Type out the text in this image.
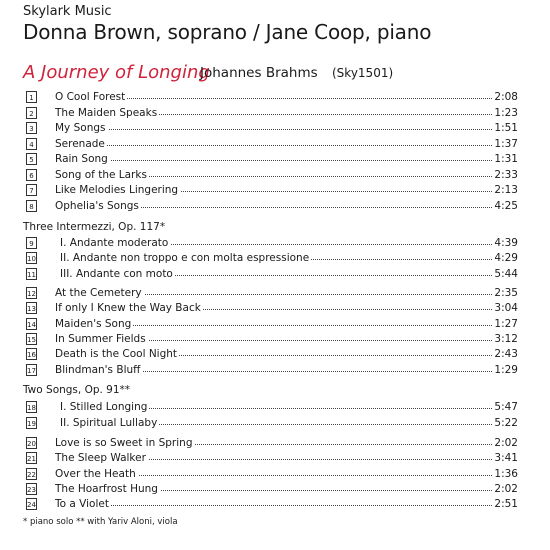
Skylark Music
Donna Brown, soprano / Jane Coop, piano
A Journey of Longing
Johannes Brahms (Sky1501)
1	O Cool Forest	2:08
2	The Maiden Speaks	1:23
3	My Songs	1:51
4	Serenade	1:37
5	Rain Song	1:31
6	Song of the Larks	2:33
7	Like Melodies Lingering	2:13
8	Ophelia's Songs	4:25
Three Intermezzi, Op. 117*
9	I. Andante moderato	4:39
10 II. Andante non troppo e con molta espressione	4:29
11 III. Andante con moto	5:44
12 At the Cemetery	2:35
13 If only I Knew the Way Back	3:04
14 Maiden's Song	1:27
15 In Summer Fields	3:12
16 Death is the Cool Night	2:43
17 Blindman's Bluff	1:29
Two Songs, Op. 91**
18 I. Stilled Longing	5:47
19 II. Spiritual Lullaby	5:22
20 Love is so Sweet in Spring	2:02
21 The Sleep Walker	3:41
22 Over the Heath	1:36
23 The Hoarfrost Hung	2:02
24 To a Violet	2:51
* piano solo ** with Yariv Aloni, viola
